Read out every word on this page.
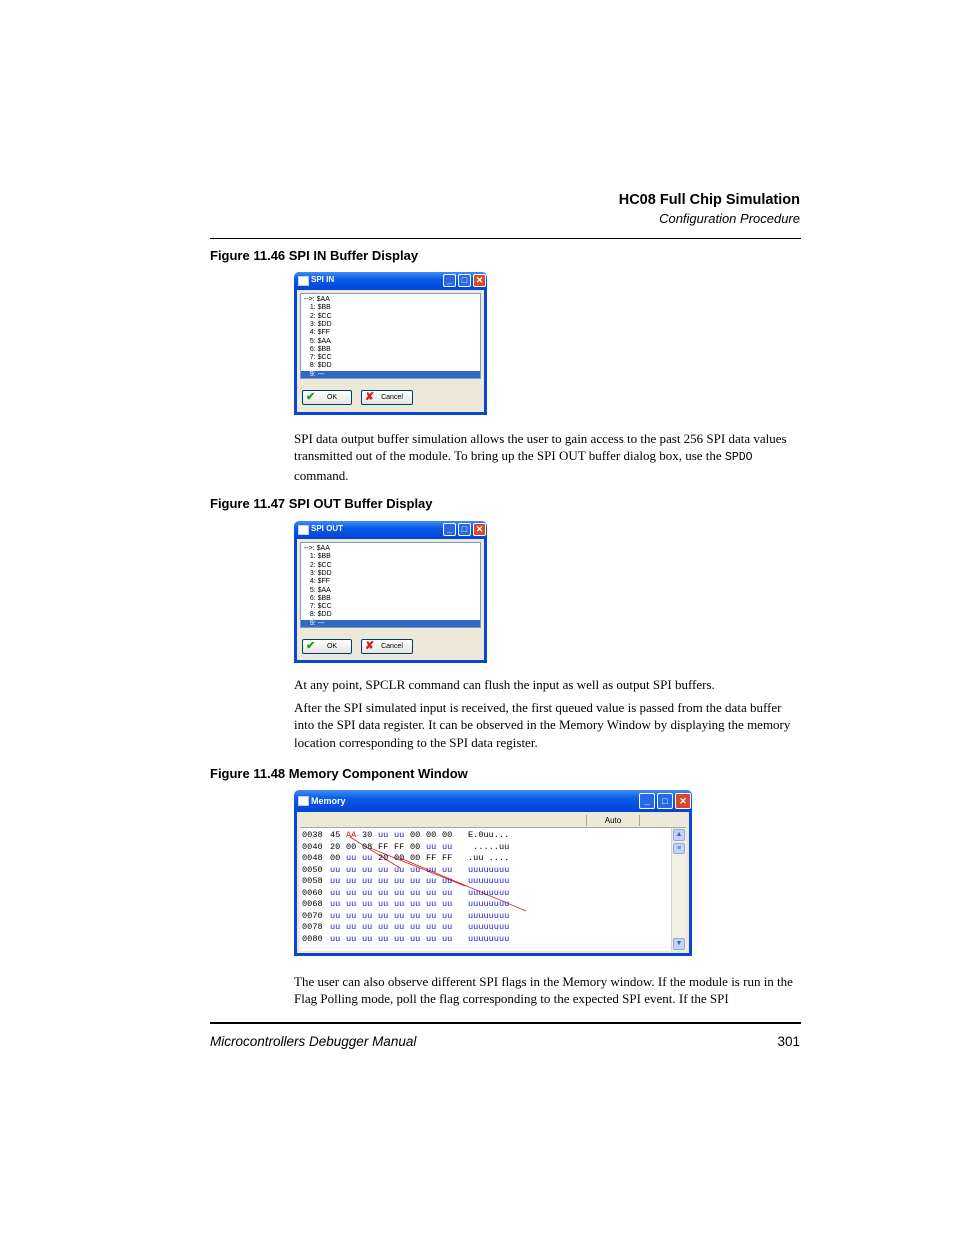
HC08 Full Chip Simulation
Configuration Procedure
Figure 11.46 SPI IN Buffer Display
SPI IN	_	□ ✕
-->: $AA
1: $BB
2: $CC
3: $DD
4: $FF
5: $AA
6: $BB
7: $CC
8: $DD
9: ---
✔	OK	✘ Cancel
SPI data output buffer simulation allows the user to gain access to the past 256 SPI data values transmitted out of the module. To bring up the SPI OUT buffer dialog box, use the SPDO command.
Figure 11.47 SPI OUT Buffer Display
SPI OUT	_	□ ✕
-->: $AA
1: $BB
2: $CC
3: $DD
4: $FF
5: $AA
6: $BB
7: $CC
8: $DD
9: ---
✔	OK	✘ Cancel
At any point, SPCLR command can flush the input as well as output SPI buffers.
After the SPI simulated input is received, the first queued value is passed from the data buffer into the SPI data register. It can be observed in the Memory Window by displaying the memory location corresponding to the SPI data register.
Figure 11.48 Memory Component Window
Memory	_	□	✕
Auto
0038 45 AA 30 uu uu 00 00 00 E.0uu...
0040 20 00 08 FF FF 00 uu uu .....uu
0048 00 uu uu 20 00 00 FF FF .uu ....
0050 uu uu uu uu uu uu uu uu uuuuuuuu
0058 uu uu uu uu uu uu uu uu uuuuuuuu
0060 uu uu uu uu uu uu uu uu uuuuuuuu
0068 uu uu uu uu uu uu uu uu uuuuuuuu
0070 uu uu uu uu uu uu uu uu uuuuuuuu
0078 uu uu uu uu uu uu uu uu uuuuuuuu
0080 uu uu uu uu uu uu uu uu uuuuuuuu
▲
≡
▼
The user can also observe different SPI flags in the Memory window. If the module is run in the Flag Polling mode, poll the flag corresponding to the expected SPI event. If the SPI
Microcontrollers Debugger Manual	301
